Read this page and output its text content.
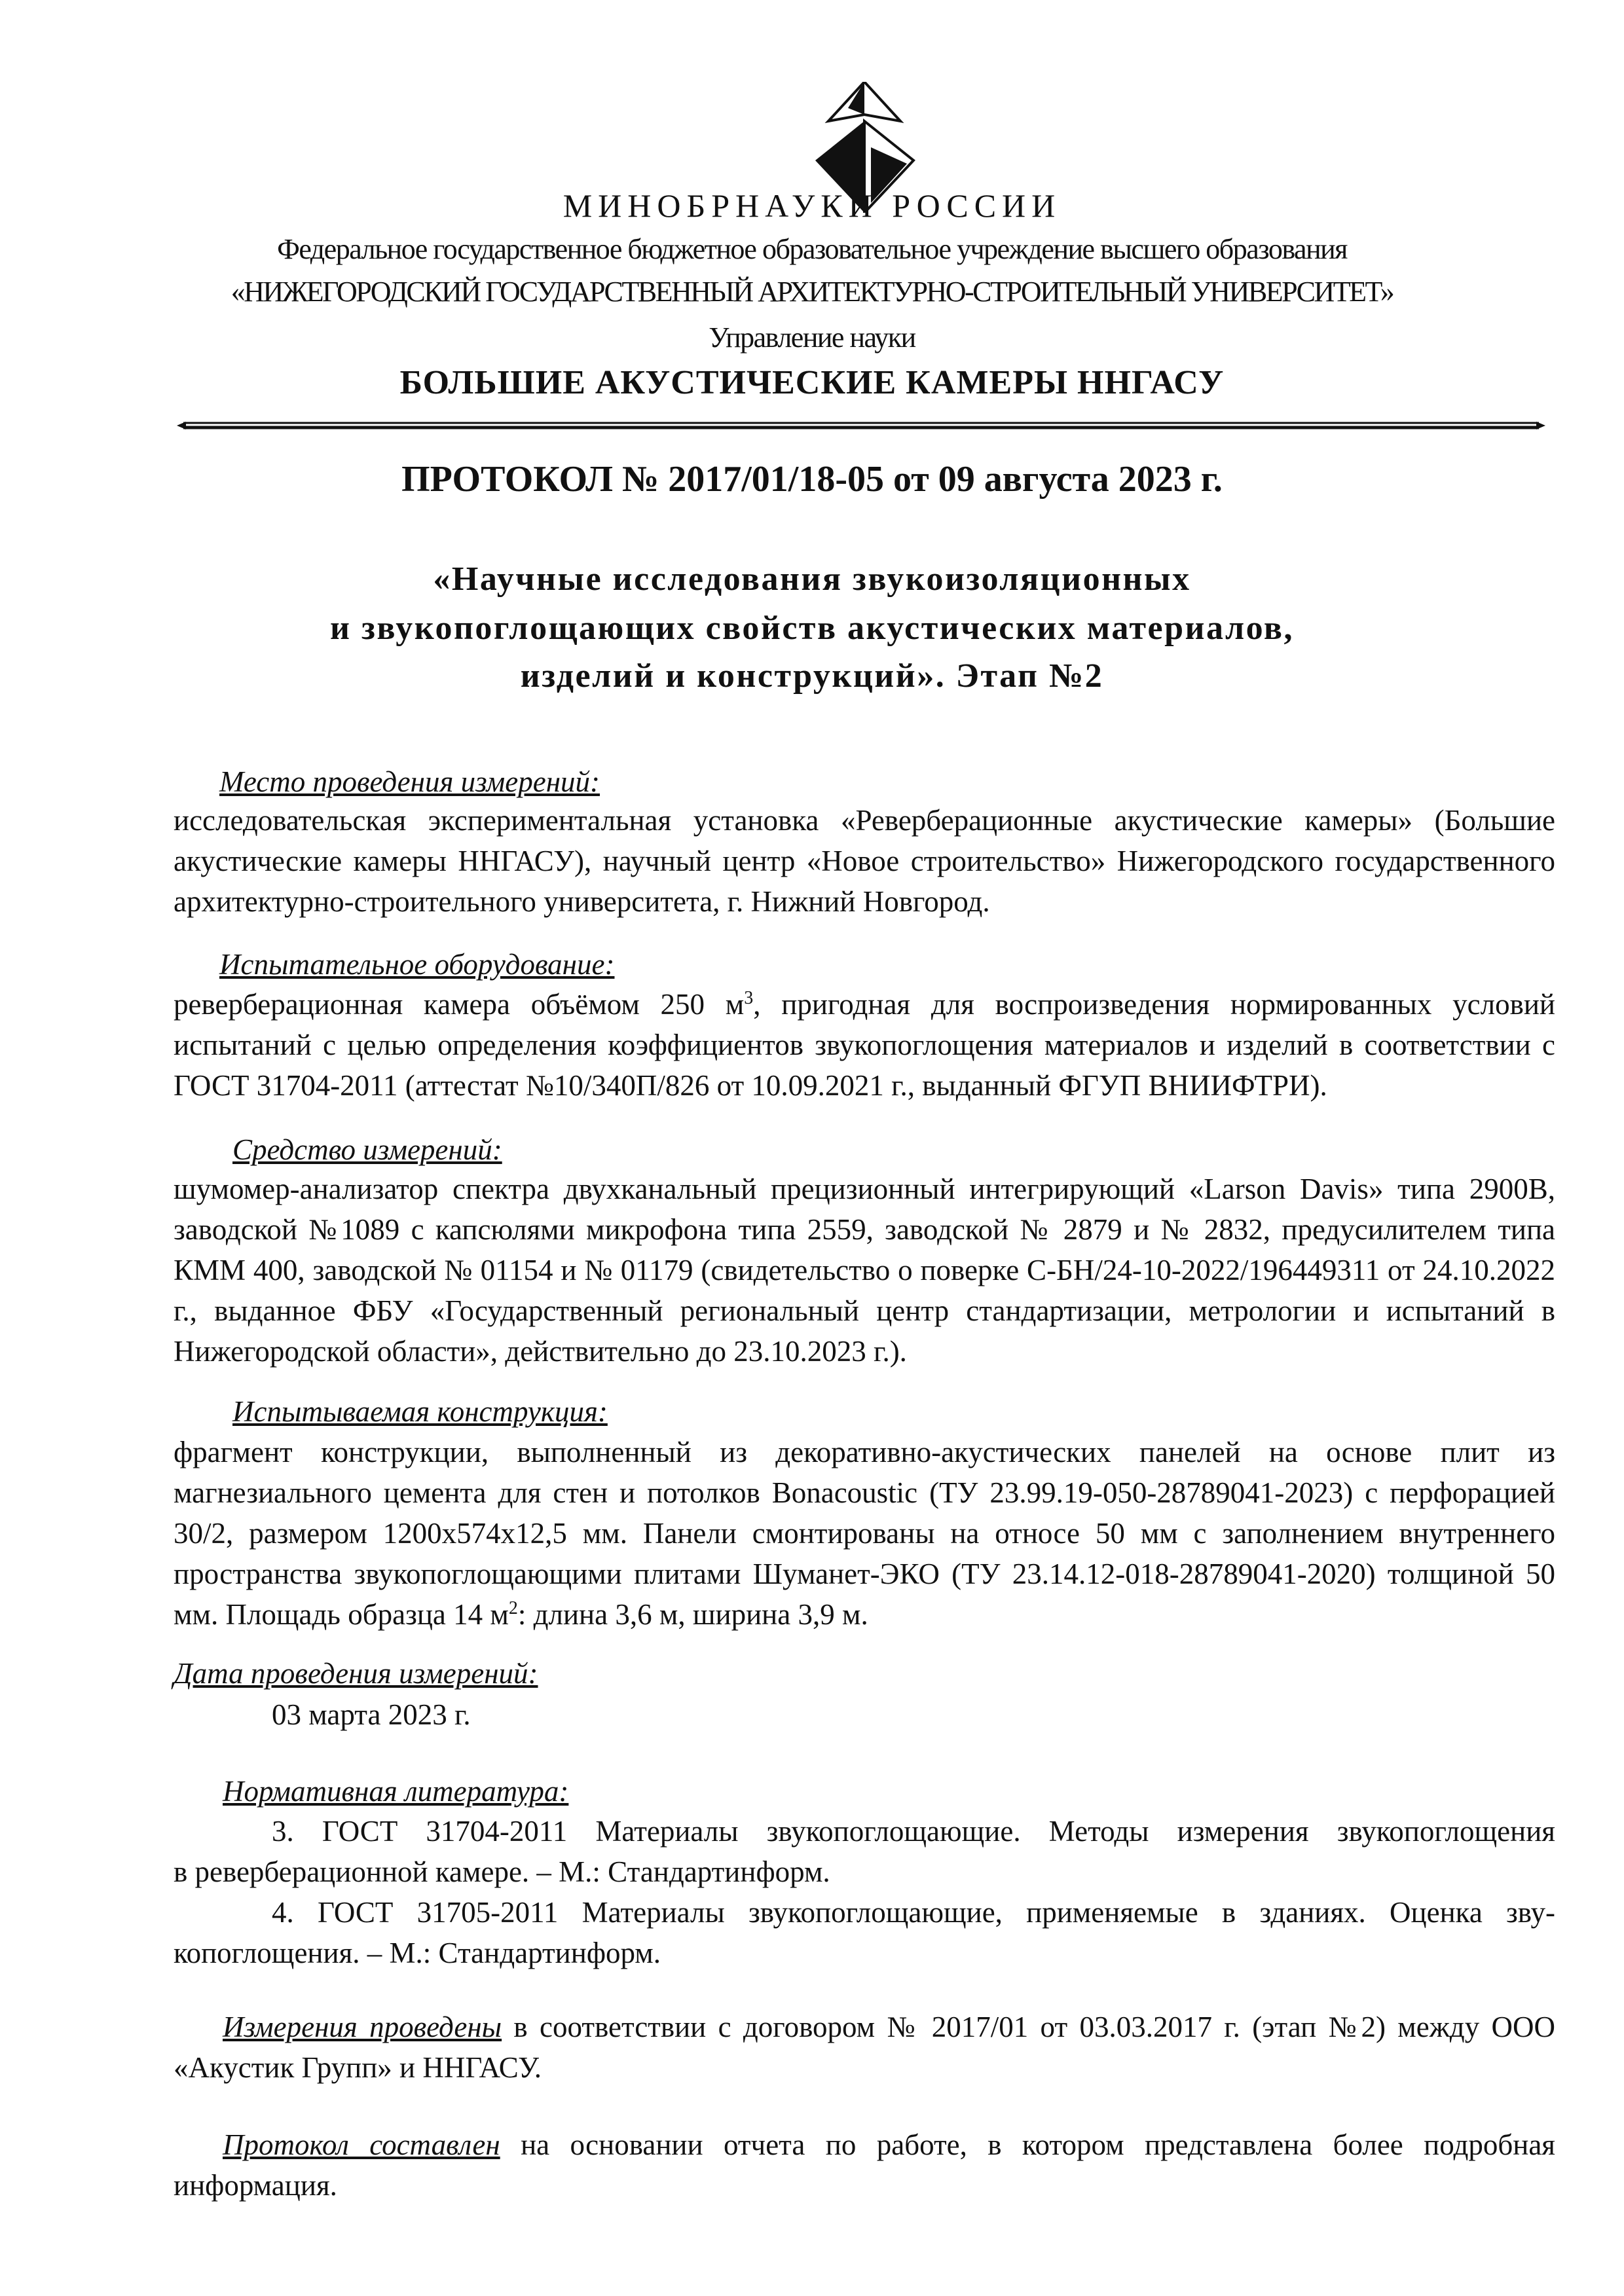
МИНОБРНАУКИ РОССИИ
Федеральное государственное бюджетное образовательное учреждение высшего образования
«НИЖЕГОРОДСКИЙ ГОСУДАРСТВЕННЫЙ АРХИТЕКТУРНО-СТРОИТЕЛЬНЫЙ УНИВЕРСИТЕТ»
Управление науки
БОЛЬШИЕ АКУСТИЧЕСКИЕ КАМЕРЫ ННГАСУ
ПРОТОКОЛ № 2017/01/18-05 от 09 августа 2023 г.
«Научные исследования звукоизоляционных
и звукопоглощающих свойств акустических материалов,
изделий и конструкций». Этап №2
Место проведения измерений:
исследовательская экспериментальная установка «Реверберационные акустические камеры» (Большие акустические камеры ННГАСУ), научный центр «Новое строительство» Нижегородского государственного архитектурно-строительного университета, г. Нижний Новгород.
Испытательное оборудование:
реверберационная камера объёмом 250 $м^3$, пригодная для воспроизведения нормированных условий испытаний с целью определения коэффициентов звукопоглощения материалов и изделий в соответствии с ГОСТ 31704-2011 (аттестат №10/340П/826 от 10.09.2021 г., выданный ФГУП ВНИИФТРИ).
Средство измерений:
шумомер-анализатор спектра двухканальный прецизионный интегрирующий «Larson Davis» типа 2900В, заводской №1089 с капсюлями микрофона типа 2559, заводской № 2879 и № 2832, предусилителем типа КММ 400, заводской № 01154 и № 01179 (свидетельство о поверке С-БН/24-10-2022/196449311 от 24.10.2022 г., выданное ФБУ «Государственный региональный центр стандартизации, метрологии и испытаний в Нижегородской области», действительно до 23.10.2023 г.).
Испытываемая конструкция:
фрагмент конструкции, выполненный из декоративно-акустических панелей на основе плит из магнезиального цемента для стен и потолков Bonacoustic (ТУ 23.99.19-050-28789041-2023) с перфорацией 30/2, размером 1200х574х12,5 мм. Панели смонтированы на относе 50 мм с заполнением внутреннего пространства звукопоглощающими плитами Шуманет-ЭКО (ТУ 23.14.12-018-28789041-2020) толщиной 50 мм. Площадь образца 14 $м^2$: длина 3,6 м, ширина 3,9 м.
Дата проведения измерений:
03 марта 2023 г.
Нормативная литература:
3. ГОСТ 31704-2011 Материалы звукопоглощающие. Методы измерения звукопоглощения
в реверберационной камере. – М.: Стандартинформ.
4. ГОСТ 31705-2011 Материалы звукопоглощающие, применяемые в зданиях. Оценка зву-
копоглощения. – М.: Стандартинформ.
Измерения проведены в соответствии с договором № 2017/01 от 03.03.2017 г. (этап №2) между ООО «Акустик Групп» и ННГАСУ.
Протокол составлен на основании отчета по работе, в котором представлена более подробная информация.
